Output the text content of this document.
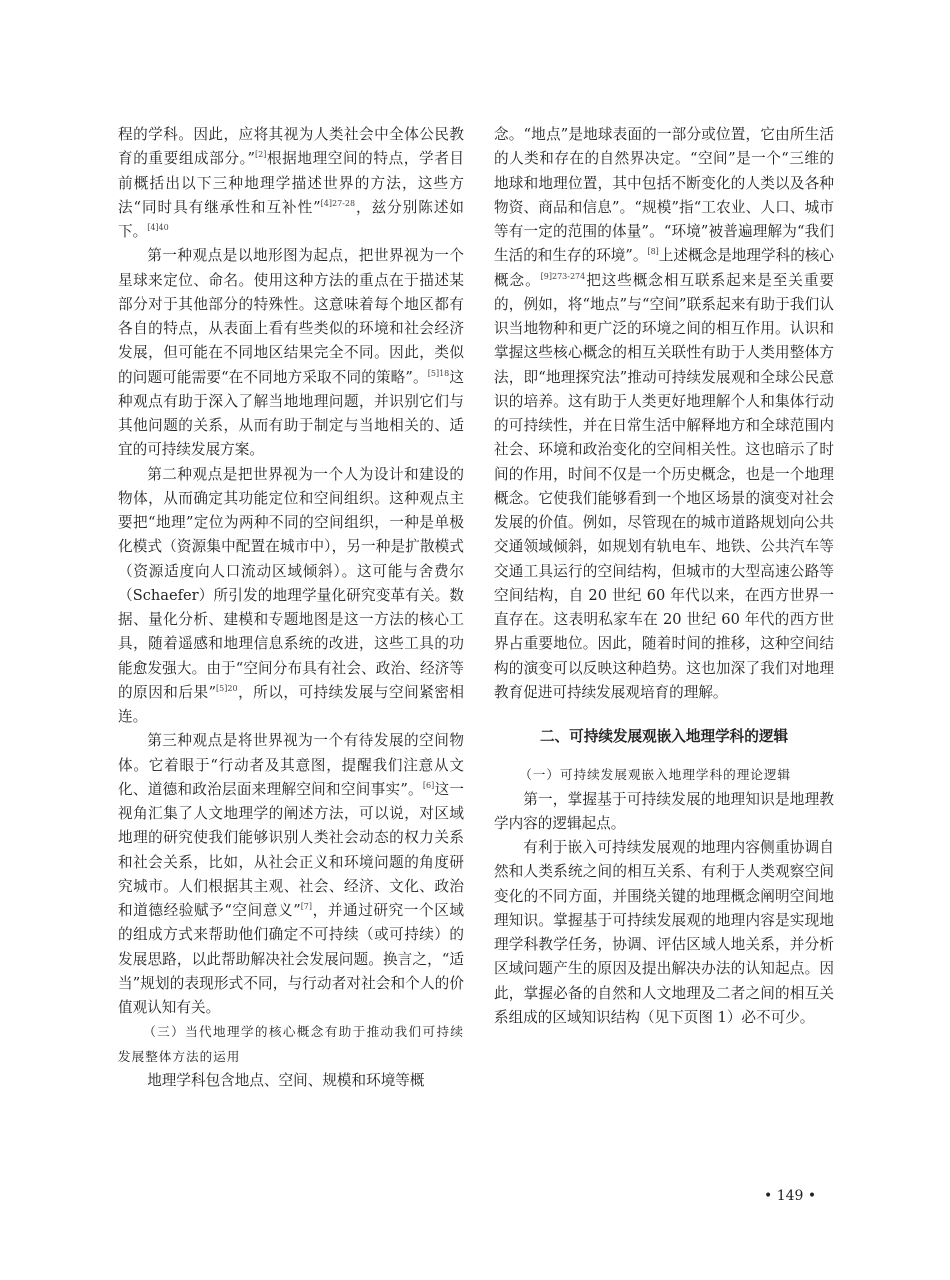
程的学科。因此，应将其视为人类社会中全体公民教育的重要组成部分。”[2]根据地理空间的特点，学者目前概括出以下三种地理学描述世界的方法，这些方法“同时具有继承性和互补性”$^{[4]27-28}$，兹分别陈述如下。$^{[4]40}$

第一种观点是以地形图为起点，把世界视为一个星球来定位、命名。使用这种方法的重点在于描述某部分对于其他部分的特殊性。这意味着每个地区都有各自的特点，从表面上看有些类似的环境和社会经济发展，但可能在不同地区结果完全不同。因此，类似的问题可能需要“在不同地方采取不同的策略”。$^{[5]18}$这种观点有助于深入了解当地地理问题，并识别它们与其他问题的关系，从而有助于制定与当地相关的、适宜的可持续发展方案。

第二种观点是把世界视为一个人为设计和建设的物体，从而确定其功能定位和空间组织。这种观点主要把“地理”定位为两种不同的空间组织，一种是单极化模式（资源集中配置在城市中），另一种是扩散模式（资源适度向人口流动区域倾斜）。这可能与舍费尔（Schaefer）所引发的地理学量化研究变革有关。数据、量化分析、建模和专题地图是这一方法的核心工具，随着遥感和地理信息系统的改进，这些工具的功能愈发强大。由于“空间分布具有社会、政治、经济等的原因和后果”$^{[5]20}$，所以，可持续发展与空间紧密相连。

第三种观点是将世界视为一个有待发展的空间物体。它着眼于“行动者及其意图，提醒我们注意从文化、道德和政治层面来理解空间和空间事实”。[6]这一视角汇集了人文地理学的阐述方法，可以说，对区域地理的研究使我们能够识别人类社会动态的权力关系和社会关系，比如，从社会正义和环境问题的角度研究城市。人们根据其主观、社会、经济、文化、政治和道德经验赋予“空间意义”[7]，并通过研究一个区域的组成方式来帮助他们确定不可持续（或可持续）的发展思路，以此帮助解决社会发展问题。换言之，“适当”规划的表现形式不同，与行动者对社会和个人的价值观认知有关。

（三）当代地理学的核心概念有助于推动我们可持续发展整体方法的运用

地理学科包含地点、空间、规模和环境等概

念。“地点”是地球表面的一部分或位置，它由所生活的人类和存在的自然界决定。“空间”是一个“三维的地球和地理位置，其中包括不断变化的人类以及各种物资、商品和信息”。“规模”指“工农业、人口、城市等有一定的范围的体量”。“环境”被普遍理解为“我们生活的和生存的环境”。[8]上述概念是地理学科的核心概念。$^{[9]273-274}$把这些概念相互联系起来是至关重要的，例如，将“地点”与“空间”联系起来有助于我们认识当地物种和更广泛的环境之间的相互作用。认识和掌握这些核心概念的相互关联性有助于人类用整体方法，即“地理探究法”推动可持续发展观和全球公民意识的培养。这有助于人类更好地理解个人和集体行动的可持续性，并在日常生活中解释地方和全球范围内社会、环境和政治变化的空间相关性。这也暗示了时间的作用，时间不仅是一个历史概念，也是一个地理概念。它使我们能够看到一个地区场景的演变对社会发展的价值。例如，尽管现在的城市道路规划向公共交通领域倾斜，如规划有轨电车、地铁、公共汽车等交通工具运行的空间结构，但城市的大型高速公路等空间结构，自 20 世纪 60 年代以来，在西方世界一直存在。这表明私家车在 20 世纪 60 年代的西方世界占重要地位。因此，随着时间的推移，这种空间结构的演变可以反映这种趋势。这也加深了我们对地理教育促进可持续发展观培育的理解。

二、可持续发展观嵌入地理学科的逻辑

（一）可持续发展观嵌入地理学科的理论逻辑

第一，掌握基于可持续发展的地理知识是地理教学内容的逻辑起点。

有利于嵌入可持续发展观的地理内容侧重协调自然和人类系统之间的相互关系、有利于人类观察空间变化的不同方面，并围绕关键的地理概念阐明空间地理知识。掌握基于可持续发展观的地理内容是实现地理学科教学任务，协调、评估区域人地关系，并分析区域问题产生的原因及提出解决办法的认知起点。因此，掌握必备的自然和人文地理及二者之间的相互关系组成的区域知识结构（见下页图 1）必不可少。

• 149 •
